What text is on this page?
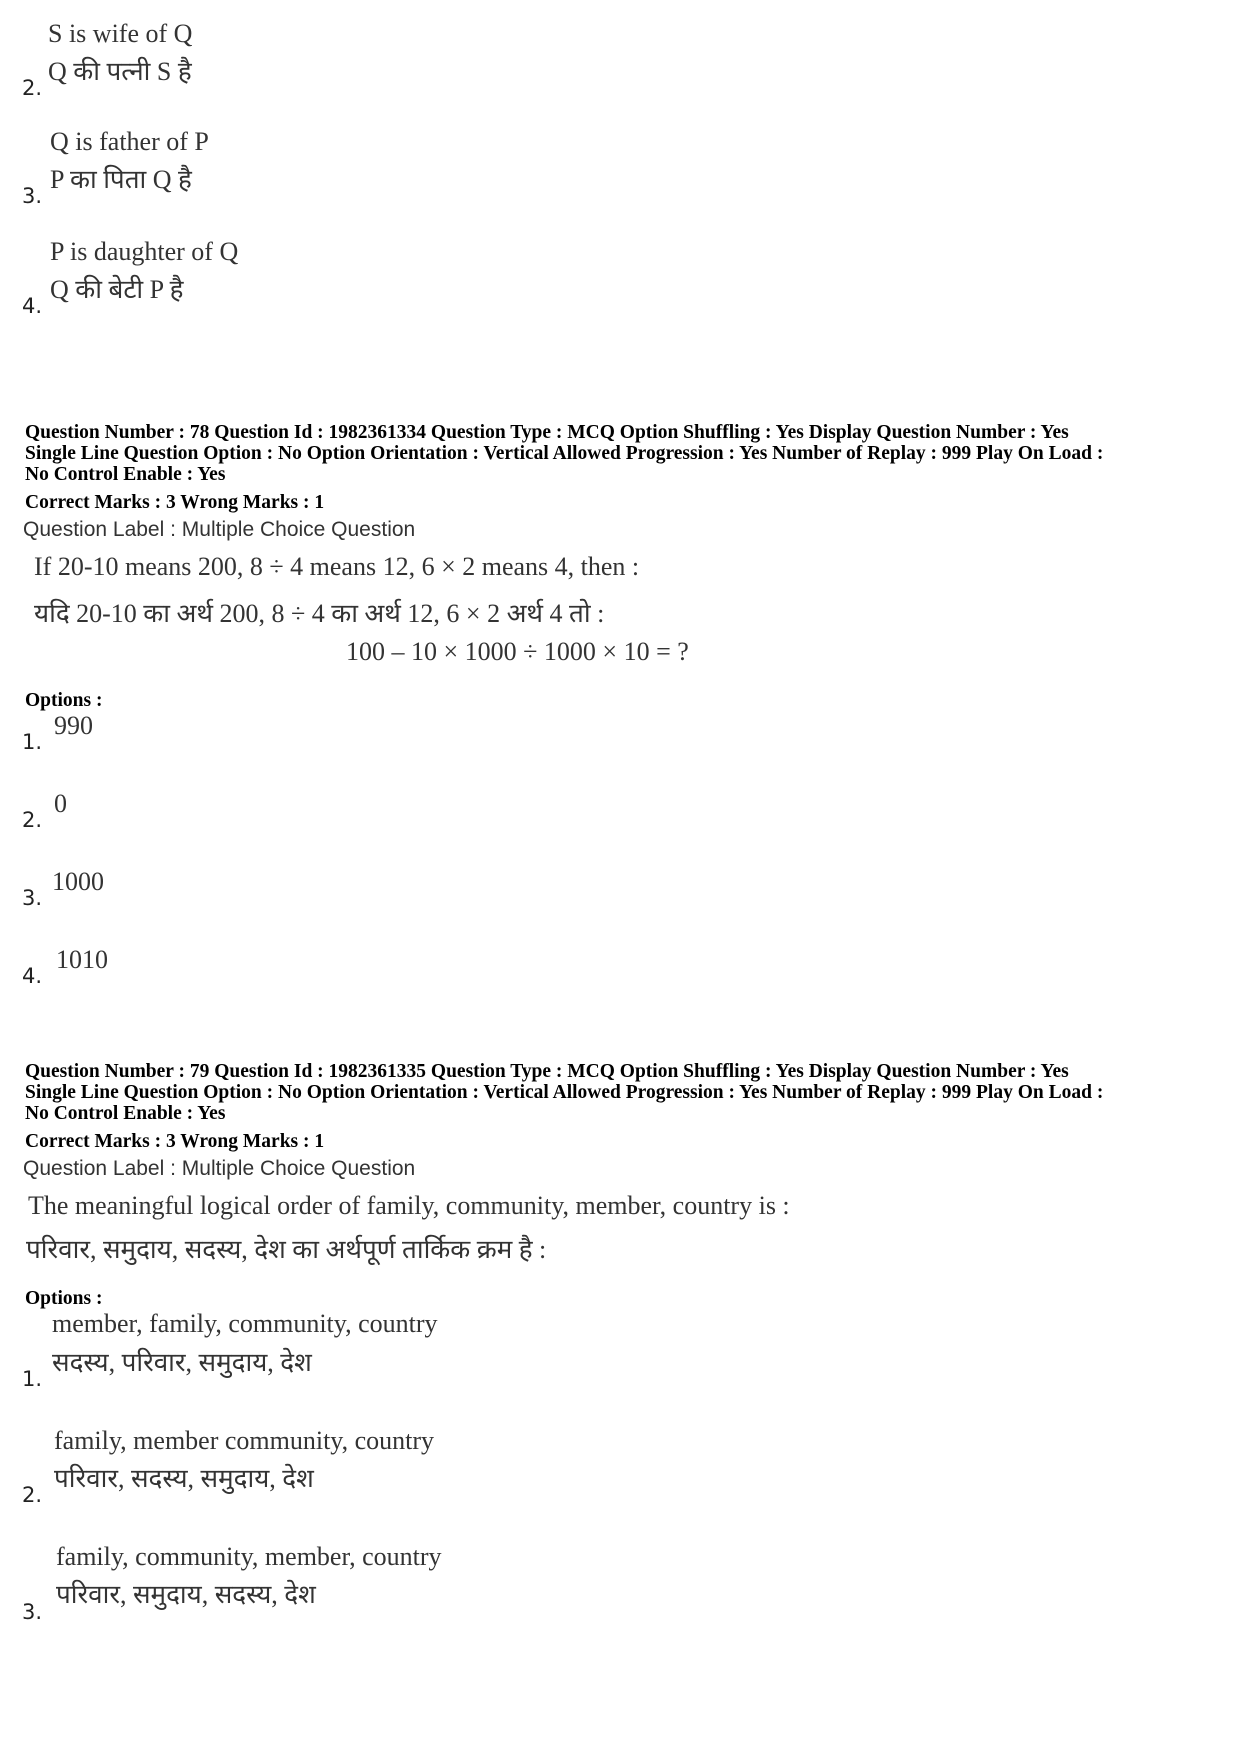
S is wife of Q
Q की पत्नी S है
2.
Q is father of P
P का पिता Q है
3.
P is daughter of Q
Q की बेटी P है
4.
Question Number : 78 Question Id : 1982361334 Question Type : MCQ Option Shuffling : Yes Display Question Number : Yes
Single Line Question Option : No Option Orientation : Vertical Allowed Progression : Yes Number of Replay : 999 Play On Load :
No Control Enable : Yes
Correct Marks : 3 Wrong Marks : 1
Question Label : Multiple Choice Question
If 20-10 means 200, 8 ÷ 4 means 12, 6 × 2 means 4, then :
यदि 20-10 का अर्थ 200, 8 ÷ 4 का अर्थ 12, 6 × 2 अर्थ 4 तो :
100 – 10 × 1000 ÷ 1000 × 10 = ?
Options :
990
1.
0
2.
1000
3.
1010
4.
Question Number : 79 Question Id : 1982361335 Question Type : MCQ Option Shuffling : Yes Display Question Number : Yes
Single Line Question Option : No Option Orientation : Vertical Allowed Progression : Yes Number of Replay : 999 Play On Load :
No Control Enable : Yes
Correct Marks : 3 Wrong Marks : 1
Question Label : Multiple Choice Question
The meaningful logical order of family, community, member, country is :
परिवार, समुदाय, सदस्य, देश का अर्थपूर्ण तार्किक क्रम है :
Options :
member, family, community, country
सदस्य, परिवार, समुदाय, देश
1.
family, member community, country
परिवार, सदस्य, समुदाय, देश
2.
family, community, member, country
परिवार, समुदाय, सदस्य, देश
3.
